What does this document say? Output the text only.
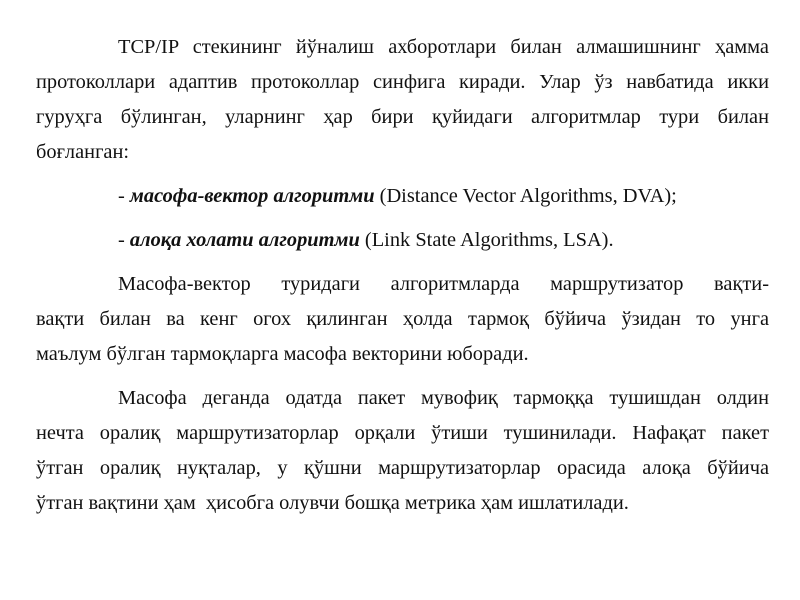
TCP/IP стекининг йўналиш ахборотлари билан алмашишнинг ҳамма
протоколлари адаптив протоколлар синфига киради. Улар ўз навбатида икки
гуруҳга бўлинган, уларнинг ҳар бири қуйидаги алгоритмлар тури билан
боғланган:
- масофа-вектор алгоритми (Distance Vector Algorithms, DVA);
- алоқа холати алгоритми (Link State Algorithms, LSA).
Масофа-вектор туридаги алгоритмларда маршрутизатор вақти-
вақти билан ва кенг огох қилинган ҳолда тармоқ бўйича ўзидан то унга
маълум бўлган тармоқларга масофа векторини юборади.
Масофа деганда одатда пакет мувофиқ тармоққа тушишдан олдин
нечта оралиқ маршрутизаторлар орқали ўтиши тушинилади. Нафақат пакет
ўтган оралиқ нуқталар, у қўшни маршрутизаторлар орасида алоқа бўйича
ўтган вақтини ҳам  ҳисобга олувчи бошқа метрика ҳам ишлатилади.
